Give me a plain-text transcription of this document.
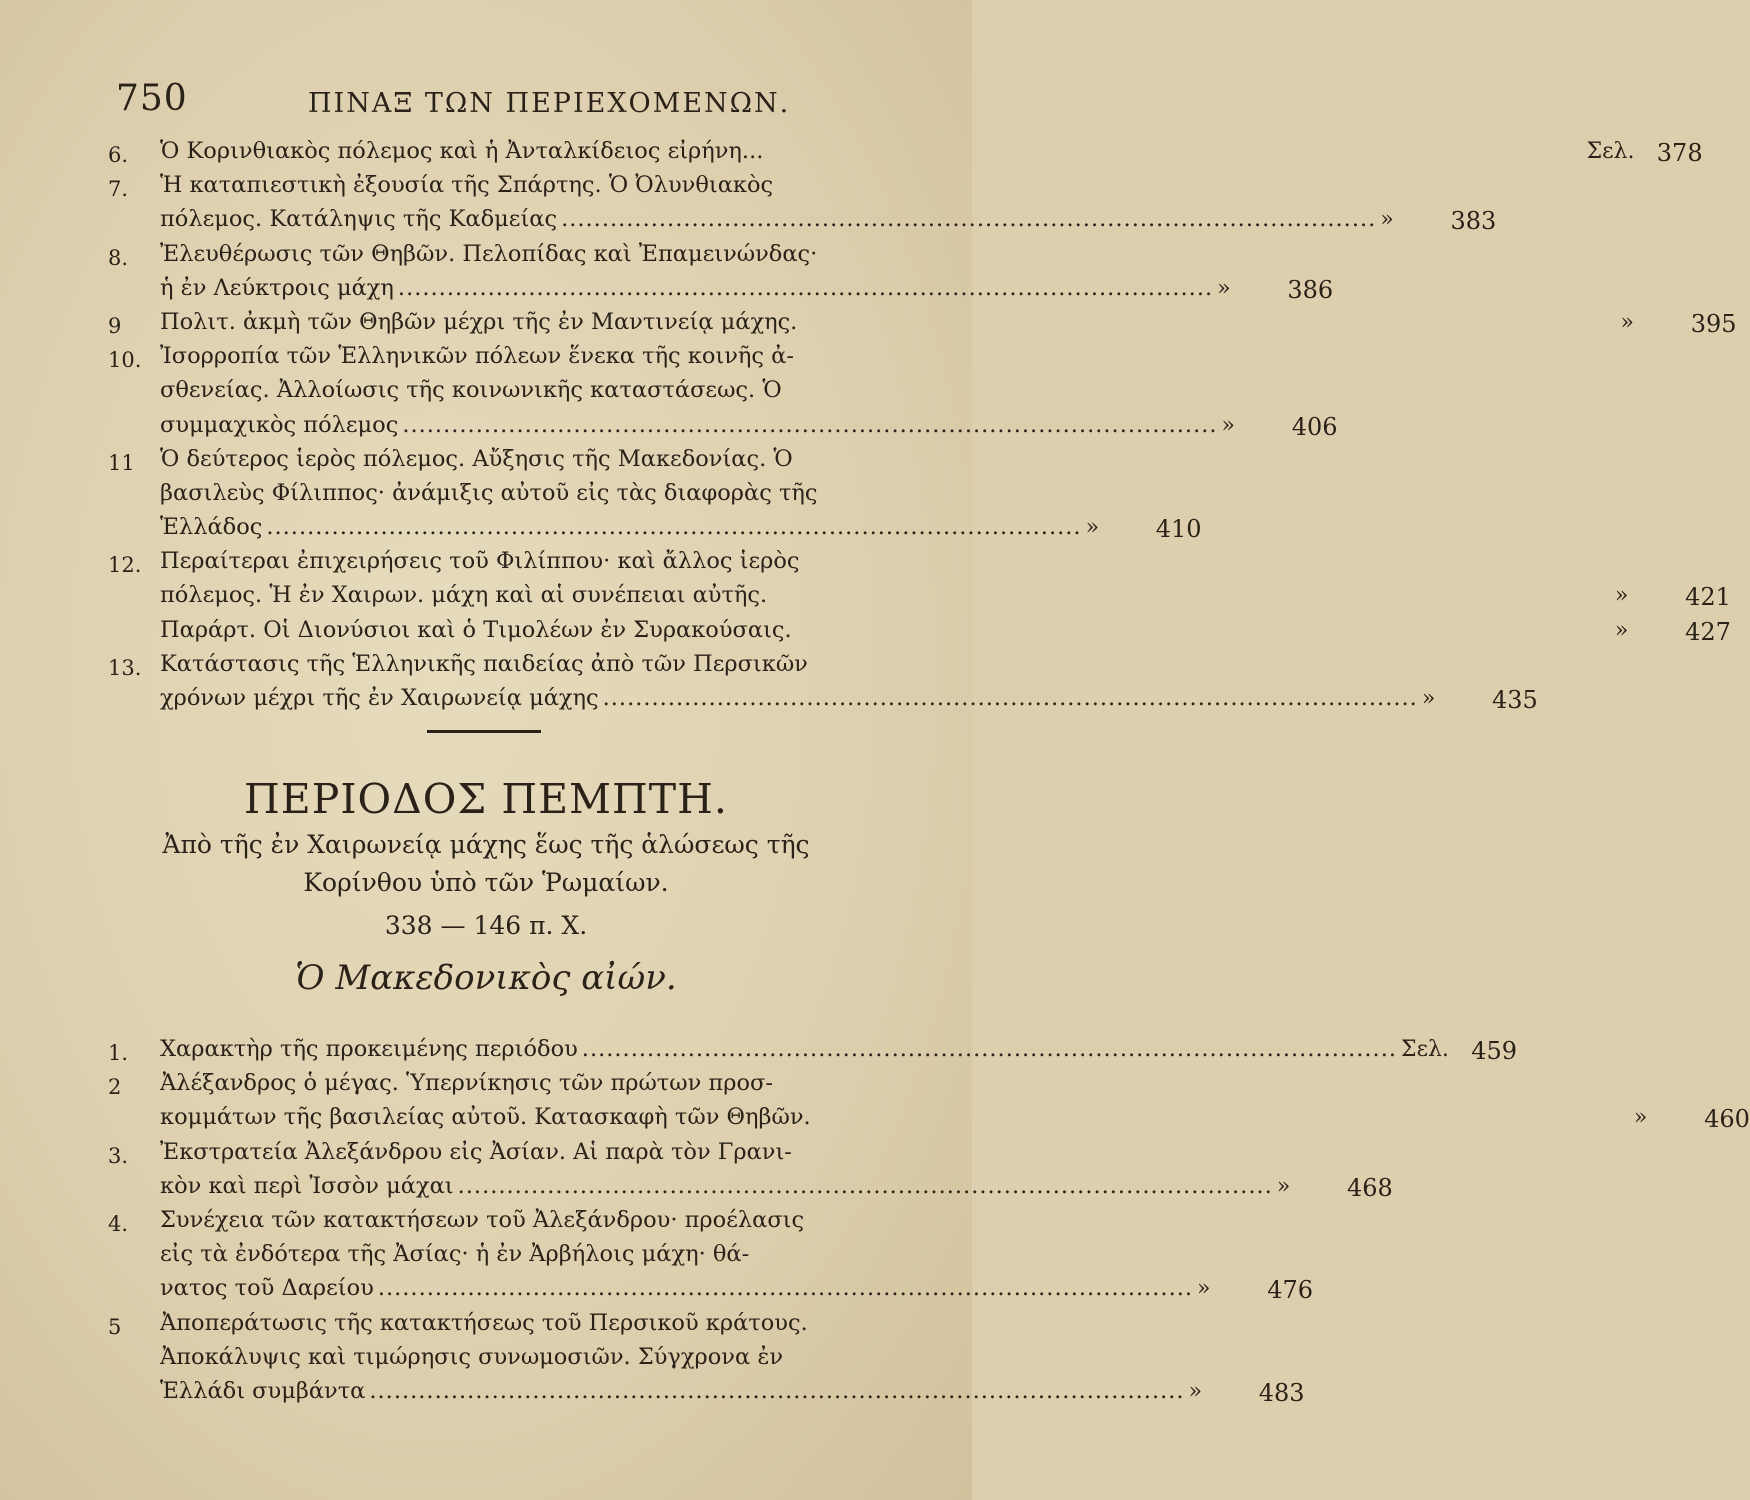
750	ΠΙΝΑΞ ΤΩΝ ΠΕΡΙΕΧΟΜΕΝΩΝ.
6.	Ὁ Κορινθιακὸς πόλεμος καὶ ἡ Ἀνταλκίδειος εἰρήνη...	Σελ. 378
7.	Ἡ καταπιεστικὴ ἐξουσία τῆς Σπάρτης. Ὁ Ὀλυνθιακὸς
πόλεμος. Κατάληψις τῆς Καδμείας .....	» 383
8.	Ἐλευθέρωσις τῶν Θηβῶν. Πελοπίδας καὶ Ἐπαμεινώνδας·
ἡ ἐν Λεύκτροις μάχη .....	» 386
9	Πολιτ. ἀκμὴ τῶν Θηβῶν μέχρι τῆς ἐν Μαντινείᾳ μάχης.	» 395
10. Ἰσορροπία τῶν Ἑλληνικῶν πόλεων ἕνεκα τῆς κοινῆς ἀ-
σθενείας. Ἀλλοίωσις τῆς κοινωνικῆς καταστάσεως. Ὁ
συμμαχικὸς πόλεμος .....	» 406
11	Ὁ δεύτερος ἱερὸς πόλεμος. Αὔξησις τῆς Μακεδονίας. Ὁ
βασιλεὺς Φίλιππος· ἀνάμιξις αὐτοῦ εἰς τὰς διαφορὰς τῆς
Ἑλλάδος .....	» 410
12. Περαίτεραι ἐπιχειρήσεις τοῦ Φιλίππου· καὶ ἄλλος ἱερὸς
πόλεμος. Ἡ ἐν Χαιρων. μάχη καὶ αἱ συνέπειαι αὐτῆς.	» 421
Παράρτ. Οἱ Διονύσιοι καὶ ὁ Τιμολέων ἐν Συρακούσαις.	» 427
13. Κατάστασις τῆς Ἑλληνικῆς παιδείας ἀπὸ τῶν Περσικῶν
χρόνων μέχρι τῆς ἐν Χαιρωνείᾳ μάχης .....	» 435
ΠΕΡΙΟΔΟΣ ΠΕΜΠΤΗ.
Ἀπὸ τῆς ἐν Χαιρωνείᾳ μάχης ἕως τῆς ἁλώσεως τῆς
Κορίνθου ὑπὸ τῶν Ῥωμαίων.
338 — 146 π. Χ.
Ὁ Μακεδονικὸς αἰών.
1.	Χαρακτὴρ τῆς προκειμένης περιόδου .....	Σελ. 459
2	Ἀλέξανδρος ὁ μέγας. Ὑπερνίκησις τῶν πρώτων προσ-
κομμάτων τῆς βασιλείας αὐτοῦ. Κατασκαφὴ τῶν Θηβῶν.	» 460
3.	Ἐκστρατεία Ἀλεξάνδρου εἰς Ἀσίαν. Αἱ παρὰ τὸν Γρανι-
κὸν καὶ περὶ Ἰσσὸν μάχαι .....	» 468
4.	Συνέχεια τῶν κατακτήσεων τοῦ Ἀλεξάνδρου· προέλασις
εἰς τὰ ἐνδότερα τῆς Ἀσίας· ἡ ἐν Ἀρβήλοις μάχη· θά-
νατος τοῦ Δαρείου .....	» 476
5	Ἀποπεράτωσις τῆς κατακτήσεως τοῦ Περσικοῦ κράτους.
Ἀποκάλυψις καὶ τιμώρησις συνωμοσιῶν. Σύγχρονα ἐν
Ἑλλάδι συμβάντα .....	» 483
